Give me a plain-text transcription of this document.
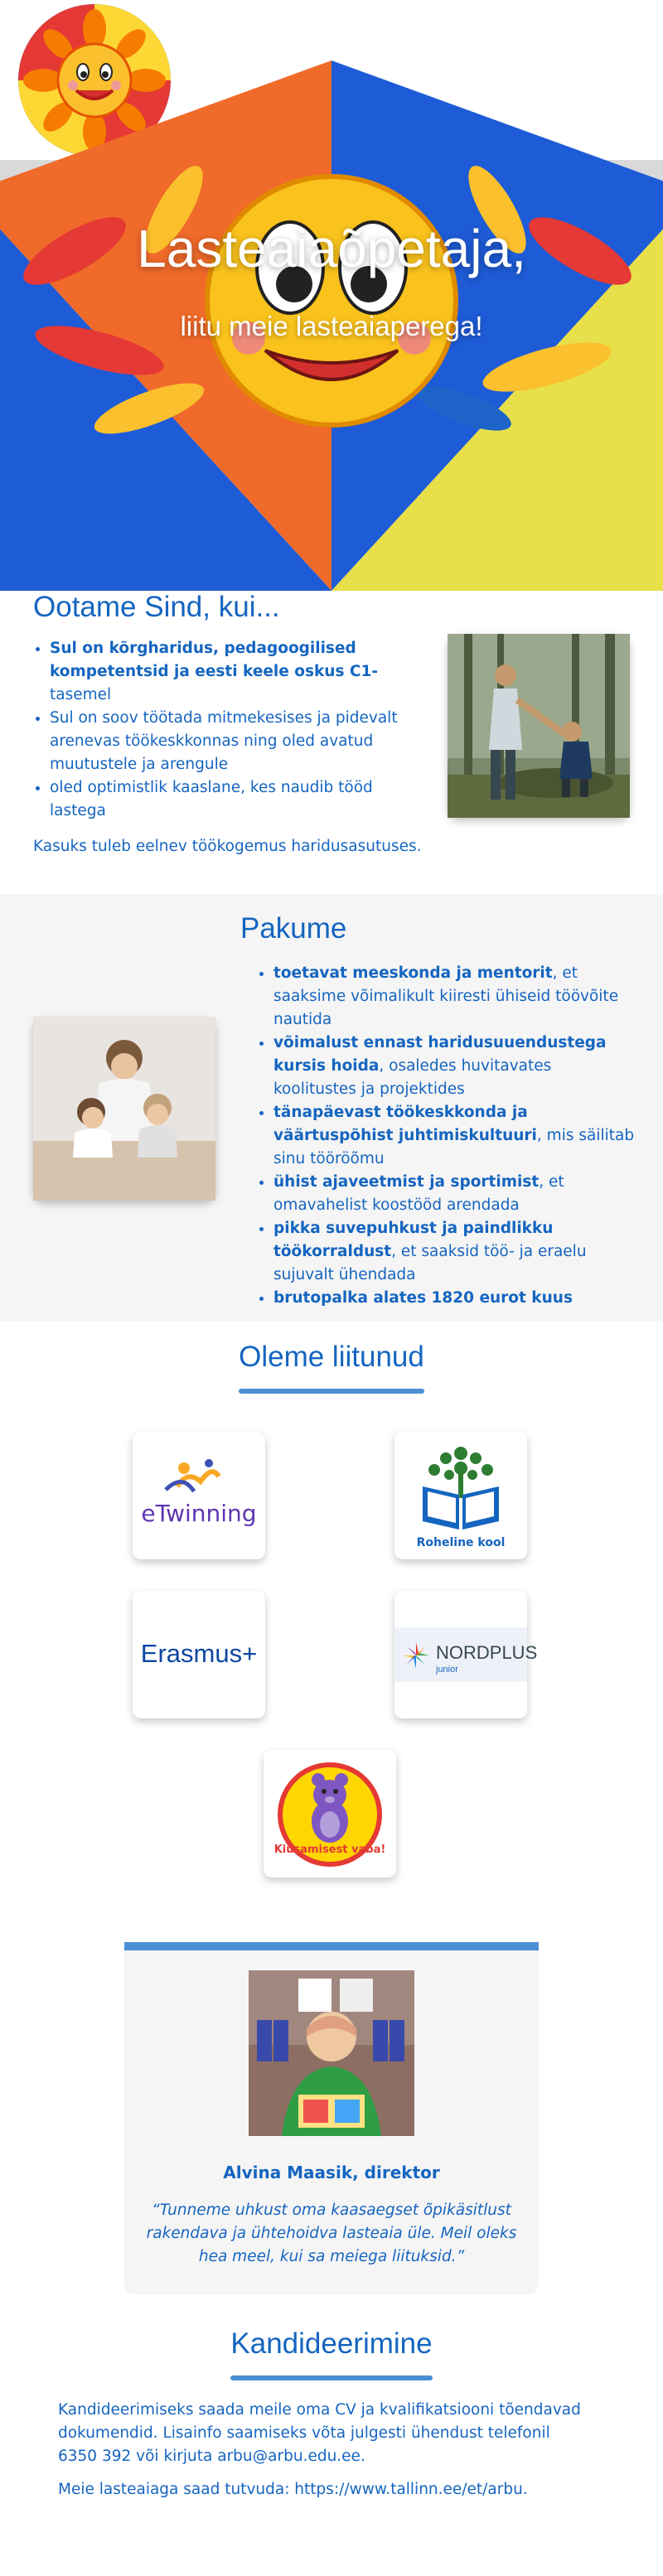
Lasteaiaõpetaja,
liitu meie lasteaiaperega!
Ootame Sind, kui...
• Sul on kõrgharidus, pedagoogilised kompetentsid ja eesti keele oskus C1- tasemel
• Sul on soov töötada mitmekesises ja pidevalt arenevas töökeskkonnas ning oled avatud muutustele ja arengule
• oled optimistlik kaaslane, kes naudib tööd lastega
Kasuks tuleb eelnev töökogemus haridusasutuses.
Pakume
• toetavat meeskonda ja mentorit, et saaksime võimalikult kiiresti ühiseid töövõite nautida
• võimalust ennast haridusuuendustega kursis hoida, osaledes huvitavates koolitustes ja projektides
• tänapäevast töökeskkonda ja väärtuspõhist juhtimiskultuuri, mis säilitab sinu tööröõmu
• ühist ajaveetmist ja sportimist, et omavahelist koostööd arendada
• pikka suvepuhkust ja paindlikku töökorraldust, et saaksid töö- ja eraelu sujuvalt ühendada
• brutopalka alates 1820 eurot kuus
Oleme liitunud
eTwinning
Roheline kool
Erasmus+	NORDPLUS
junior
Kiusamisest vaba!
Alvina Maasik, direktor
“Tunneme uhkust oma kaasaegset õpikäsitlust rakendava ja ühtehoidva lasteaia üle. Meil oleks hea meel, kui sa meiega liituksid.”
Kandideerimine

Kandideerimiseks saada meile oma CV ja kvalifikatsiooni tõendavad dokumendid. Lisainfo saamiseks võta julgesti ühendust telefonil 6350 392 või kirjuta arbu@arbu.edu.ee.

Meie lasteaiaga saad tutvuda: https://www.tallinn.ee/et/arbu.
